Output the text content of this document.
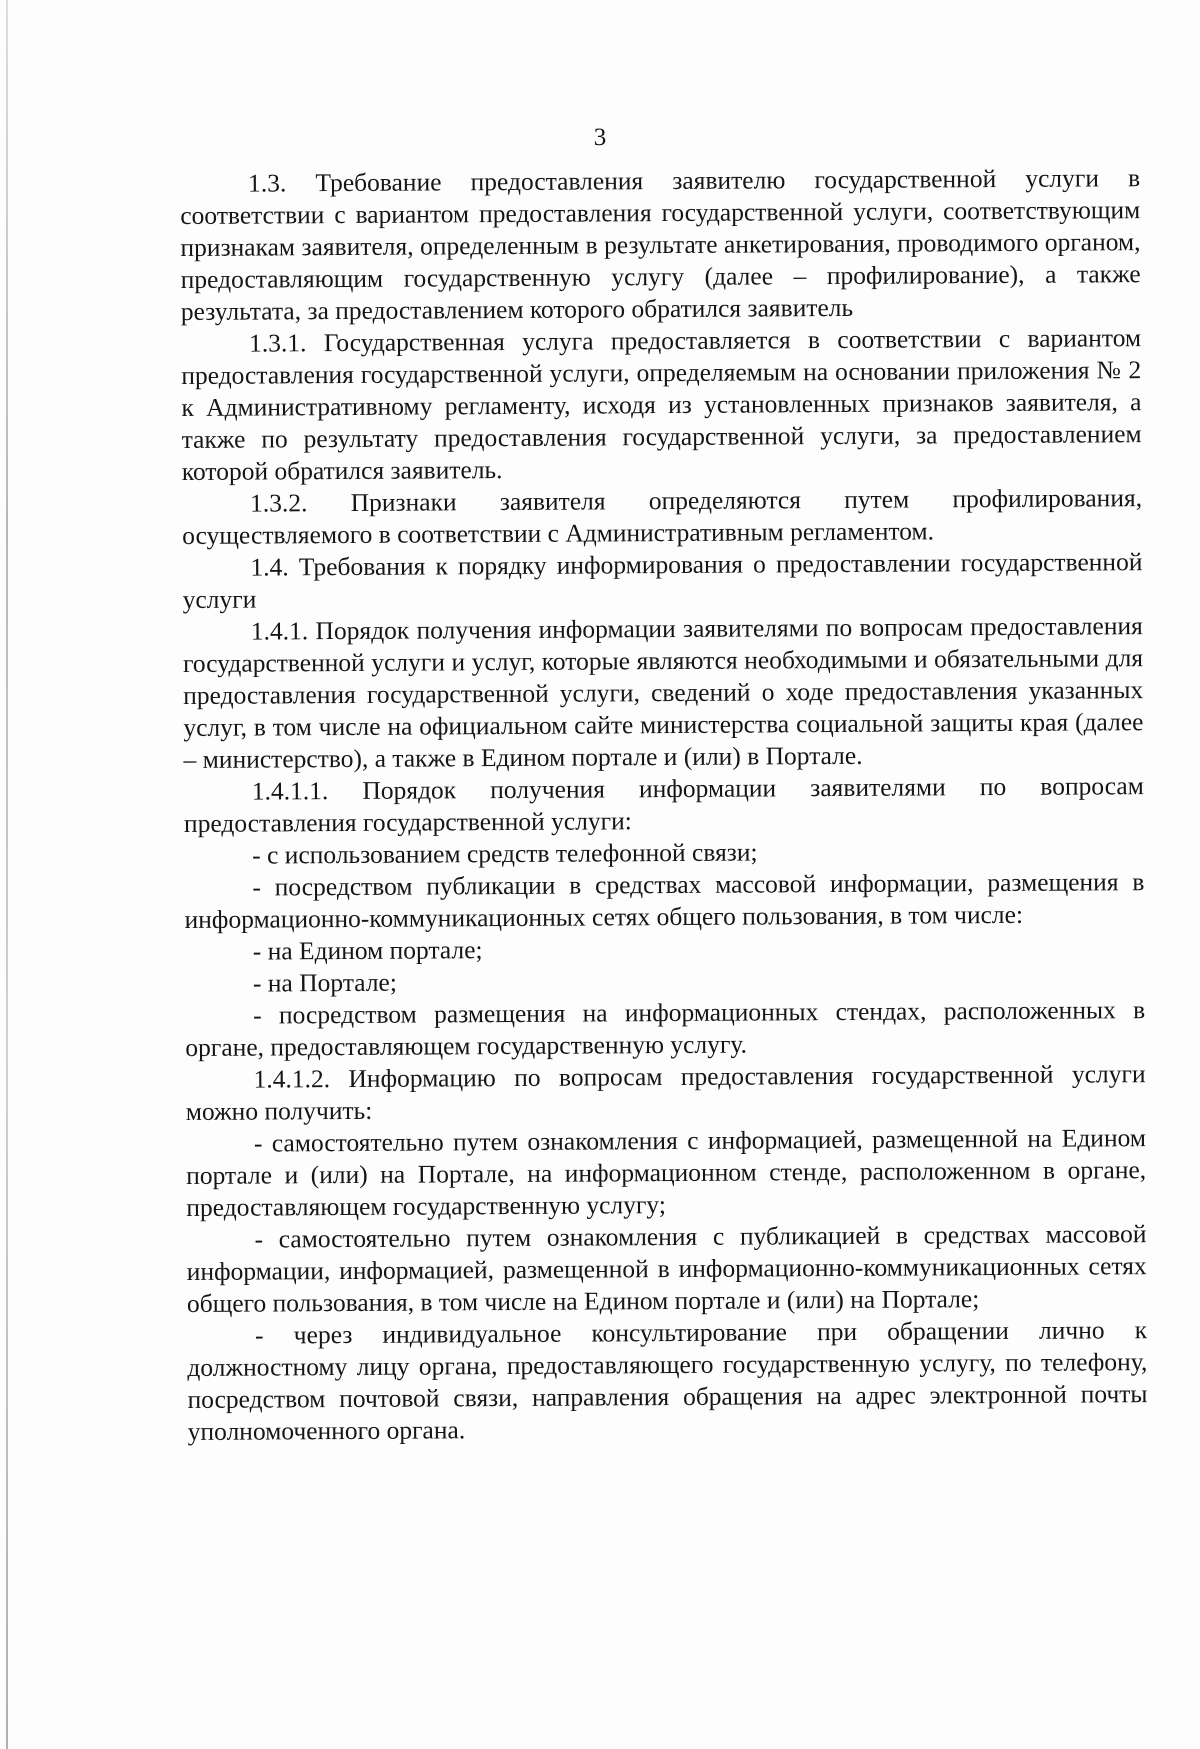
3

1.3. Требование предоставления заявителю государственной услуги в соответствии с вариантом предоставления государственной услуги, соответствующим признакам заявителя, определенным в результате анкетирования, проводимого органом, предоставляющим государственную услугу (далее – профилирование), а также результата, за предоставлением которого обратился заявитель

1.3.1. Государственная услуга предоставляется в соответствии с вариантом предоставления государственной услуги, определяемым на основании приложения № 2 к Административному регламенту, исходя из установленных признаков заявителя, а также по результату предоставления государственной услуги, за предоставлением которой обратился заявитель.

1.3.2. Признаки заявителя определяются путем профилирования, осуществляемого в соответствии с Административным регламентом.

1.4. Требования к порядку информирования о предоставлении государственной услуги

1.4.1. Порядок получения информации заявителями по вопросам предоставления государственной услуги и услуг, которые являются необходимыми и обязательными для предоставления государственной услуги, сведений о ходе предоставления указанных услуг, в том числе на официальном сайте министерства социальной защиты края (далее – министерство), а также в Едином портале и (или) в Портале.

1.4.1.1. Порядок получения информации заявителями по вопросам предоставления государственной услуги:

- с использованием средств телефонной связи;

- посредством публикации в средствах массовой информации, размещения в информационно-коммуникационных сетях общего пользования, в том числе:

- на Едином портале;

- на Портале;

- посредством размещения на информационных стендах, расположенных в органе, предоставляющем государственную услугу.

1.4.1.2. Информацию по вопросам предоставления государственной услуги можно получить:

- самостоятельно путем ознакомления с информацией, размещенной на Едином портале и (или) на Портале, на информационном стенде, расположенном в органе, предоставляющем государственную услугу;

- самостоятельно путем ознакомления с публикацией в средствах массовой информации, информацией, размещенной в информационно-коммуникационных сетях общего пользования, в том числе на Едином портале и (или) на Портале;

- через индивидуальное консультирование при обращении лично к должностному лицу органа, предоставляющего государственную услугу, по телефону, посредством почтовой связи, направления обращения на адрес электронной почты уполномоченного органа.
